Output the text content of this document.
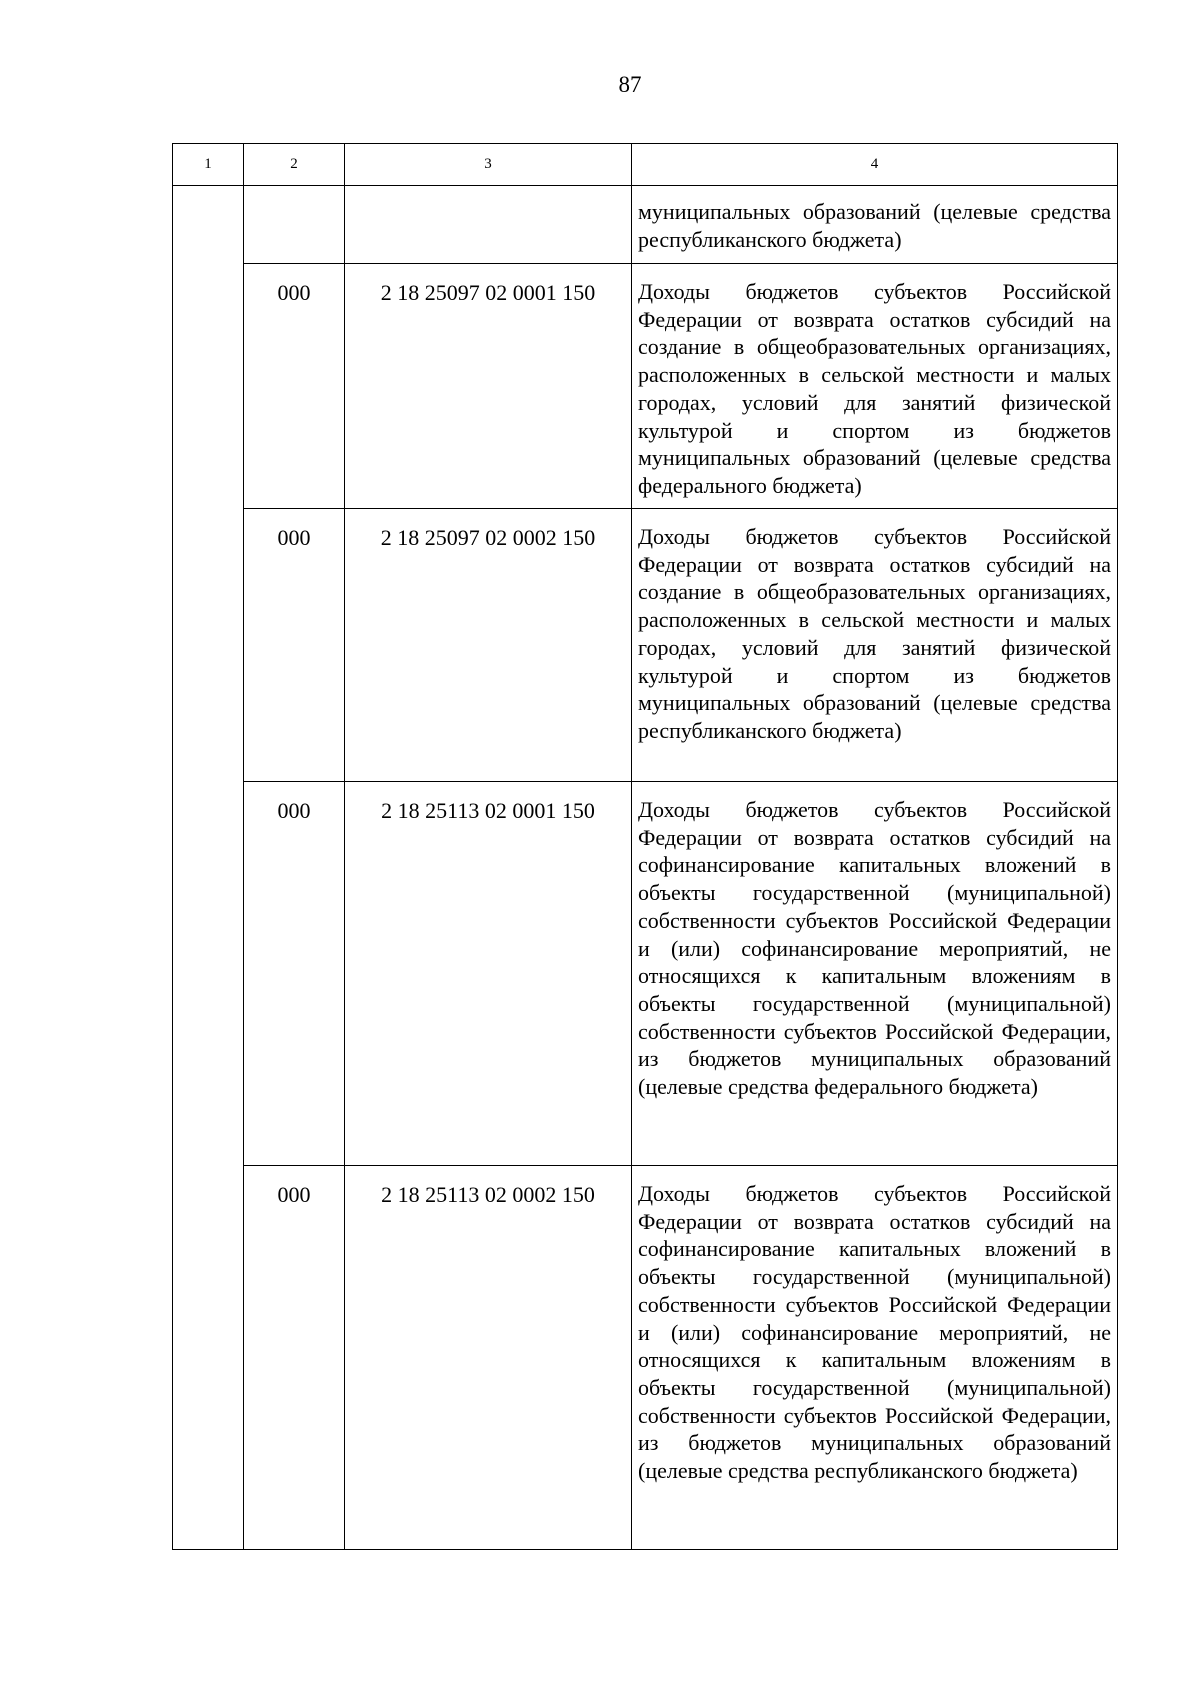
87
1	2	3	4

			муниципальных образований (целевые средства республиканского бюджета)

	000	2 18 25097 02 0001 150	Доходы бюджетов субъектов Российской Федерации от возврата остатков субсидий на создание в общеобразовательных организациях, расположенных в сельской местности и малых городах, условий для занятий физической культурой и спортом из бюджетов муниципальных образований (целевые средства федерального бюджета)

	000	2 18 25097 02 0002 150	Доходы бюджетов субъектов Российской Федерации от возврата остатков субсидий на создание в общеобразовательных организациях, расположенных в сельской местности и малых городах, условий для занятий физической культурой и спортом из бюджетов муниципальных образований (целевые средства республиканского бюджета)

	000	2 18 25113 02 0001 150	Доходы бюджетов субъектов Российской Федерации от возврата остатков субсидий на софинансирование капитальных вложений в объекты государственной (муниципальной) собственности субъектов Российской Федерации и (или) софинансирование мероприятий, не относящихся к капитальным вложениям в объекты государственной (муниципальной) собственности субъектов Российской Федерации, из бюджетов муниципальных образований (целевые средства федерального бюджета)

	000	2 18 25113 02 0002 150	Доходы бюджетов субъектов Российской Федерации от возврата остатков субсидий на софинансирование капитальных вложений в объекты государственной (муниципальной) собственности субъектов Российской Федерации и (или) софинансирование мероприятий, не относящихся к капитальным вложениям в объекты государственной (муниципальной) собственности субъектов Российской Федерации, из бюджетов муниципальных образований (целевые средства республиканского бюджета)
